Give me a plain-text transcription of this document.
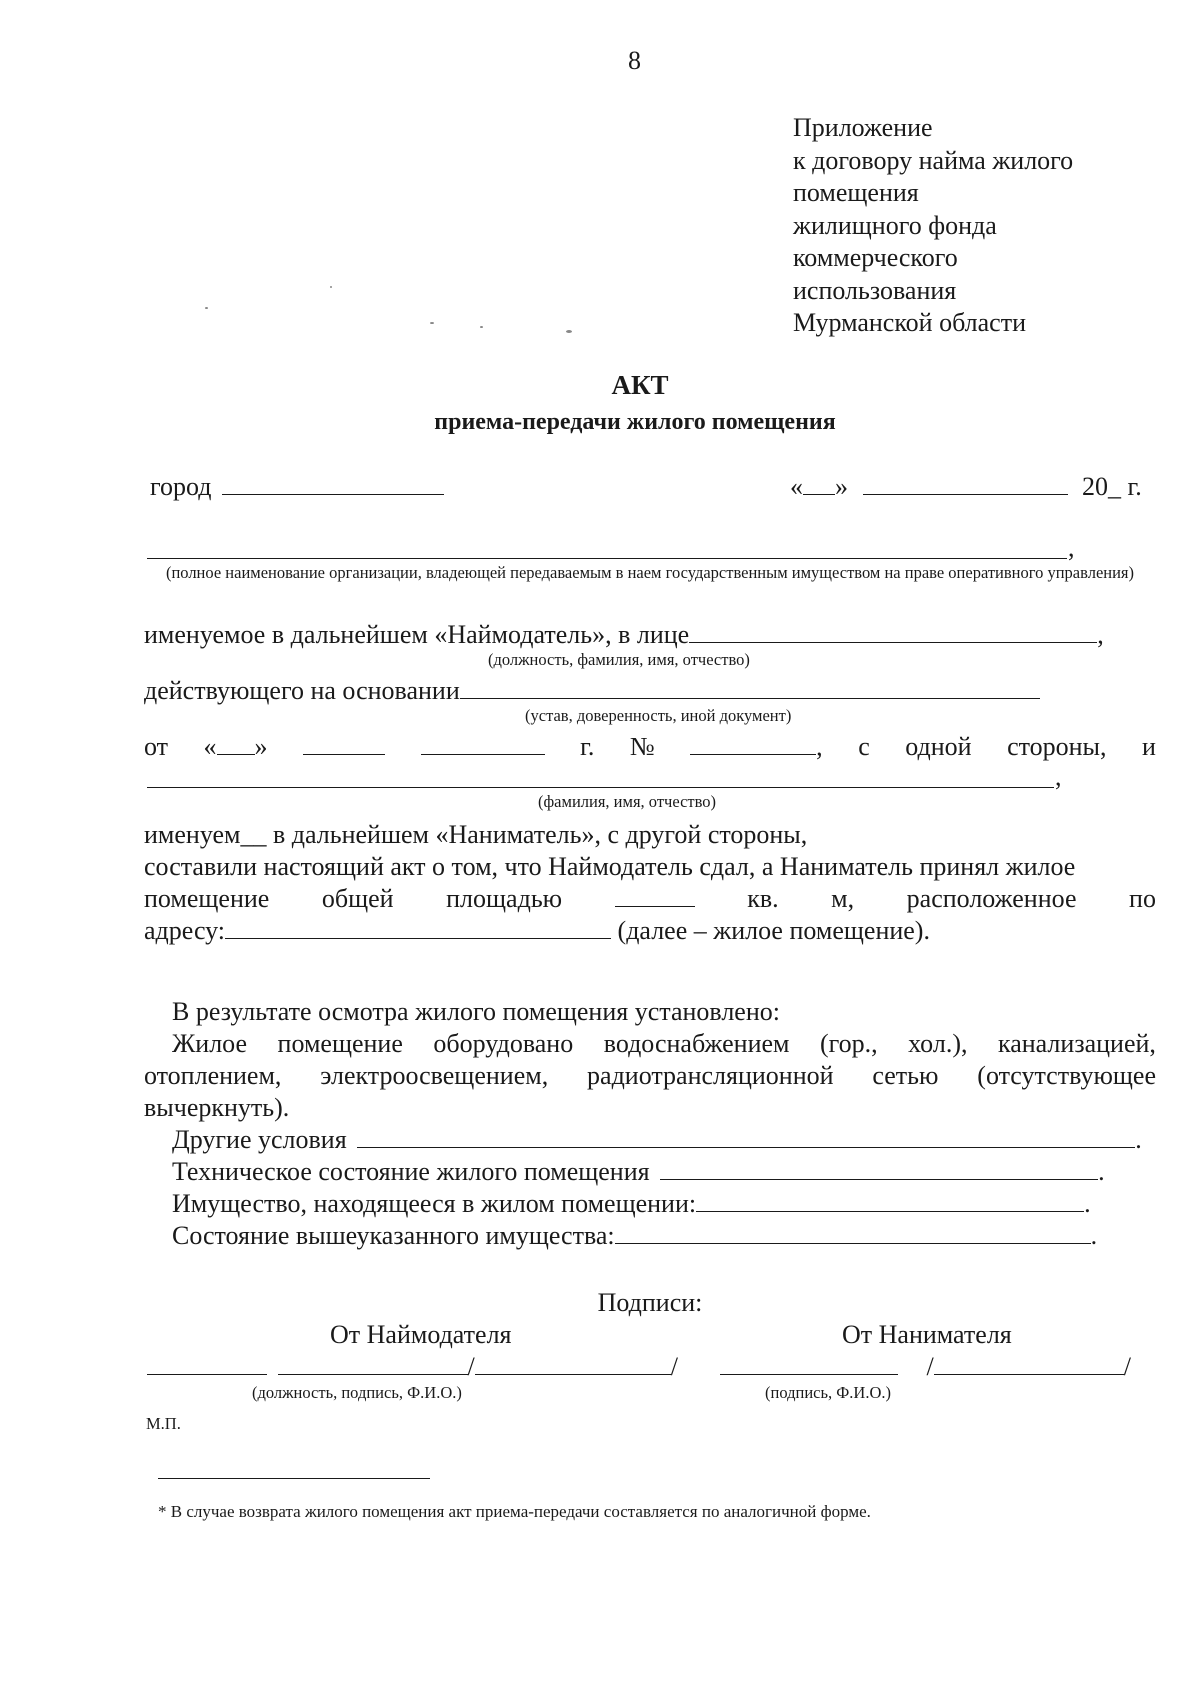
8
Приложение
к договору найма жилого
помещения
жилищного фонда
коммерческого
использования
Мурманской области
АКТ
приема-передачи жилого помещения
город	« »	20_ г.
,
(полное наименование организации, владеющей передаваемым в наем государственным имуществом на праве оперативного управления)
именуемое в дальнейшем «Наймодатель», в лице	,
(должность, фамилия, имя, отчество)
действующего на основании
(устав, доверенность, иной документ)
от « »	г. №	, с одной стороны, и
,
(фамилия, имя, отчество)
именуем__ в дальнейшем «Наниматель», с другой стороны,
составили настоящий акт о том, что Наймодатель сдал, а Наниматель принял жилое
помещение общей площадью	кв. м, расположенное по
адресу:	(далее – жилое помещение).
В результате осмотра жилого помещения установлено:
Жилое помещение оборудовано водоснабжением (гор., хол.), канализацией,
отоплением, электроосвещением, радиотрансляционной сетью (отсутствующее
вычеркнуть).
Другие условия	.
Техническое состояние жилого помещения	.
Имущество, находящееся в жилом помещении:	.
Состояние вышеуказанного имущества:	.
Подписи:
От Наймодателя	От Нанимателя
/	/	/	/
(должность, подпись, Ф.И.О.)	(подпись, Ф.И.О.)
М.П.
* В случае возврата жилого помещения акт приема-передачи составляется по аналогичной форме.
